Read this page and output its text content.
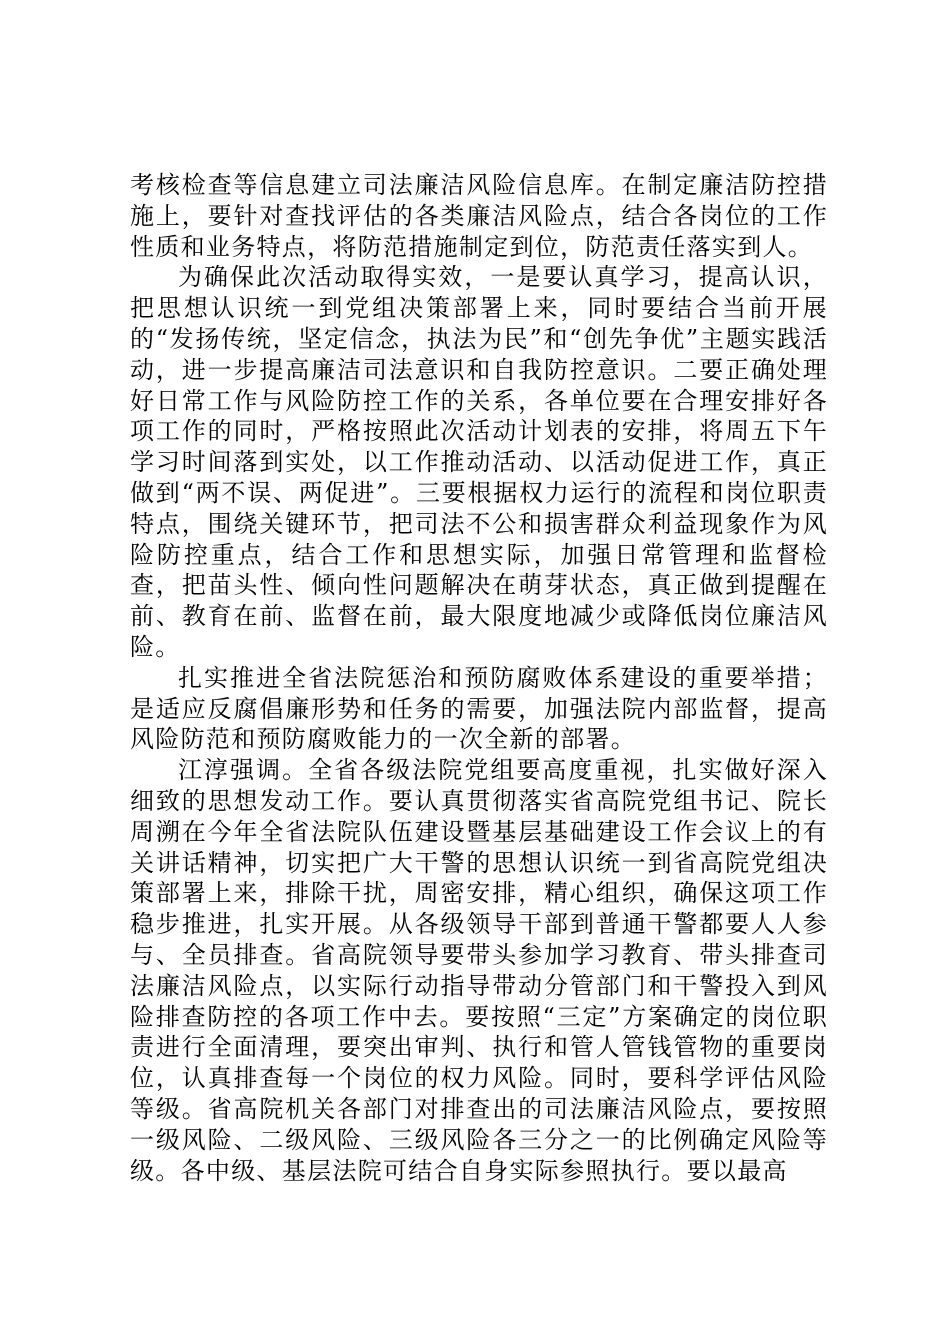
考核检查等信息建立司法廉洁风险信息库。在制定廉洁防控措施上，要针对查找评估的各类廉洁风险点，结合各岗位的工作性质和业务特点，将防范措施制定到位，防范责任落实到人。

为确保此次活动取得实效，一是要认真学习，提高认识，把思想认识统一到党组决策部署上来，同时要结合当前开展的“发扬传统，坚定信念，执法为民”和“创先争优”主题实践活动，进一步提高廉洁司法意识和自我防控意识。二要正确处理好日常工作与风险防控工作的关系，各单位要在合理安排好各项工作的同时，严格按照此次活动计划表的安排，将周五下午学习时间落到实处，以工作推动活动、以活动促进工作，真正做到“两不误、两促进”。三要根据权力运行的流程和岗位职责特点，围绕关键环节，把司法不公和损害群众利益现象作为风险防控重点，结合工作和思想实际，加强日常管理和监督检查，把苗头性、倾向性问题解决在萌芽状态，真正做到提醒在前、教育在前、监督在前，最大限度地减少或降低岗位廉洁风险。

扎实推进全省法院惩治和预防腐败体系建设的重要举措；是适应反腐倡廉形势和任务的需要，加强法院内部监督，提高风险防范和预防腐败能力的一次全新的部署。

江淳强调。全省各级法院党组要高度重视，扎实做好深入细致的思想发动工作。要认真贯彻落实省高院党组书记、院长周溯在今年全省法院队伍建设暨基层基础建设工作会议上的有关讲话精神，切实把广大干警的思想认识统一到省高院党组决策部署上来，排除干扰，周密安排，精心组织，确保这项工作稳步推进，扎实开展。从各级领导干部到普通干警都要人人参与、全员排查。省高院领导要带头参加学习教育、带头排查司法廉洁风险点，以实际行动指导带动分管部门和干警投入到风险排查防控的各项工作中去。要按照“三定”方案确定的岗位职责进行全面清理，要突出审判、执行和管人管钱管物的重要岗位，认真排查每一个岗位的权力风险。同时，要科学评估风险等级。省高院机关各部门对排查出的司法廉洁风险点，要按照一级风险、二级风险、三级风险各三分之一的比例确定风险等级。各中级、基层法院可结合自身实际参照执行。要以最高
